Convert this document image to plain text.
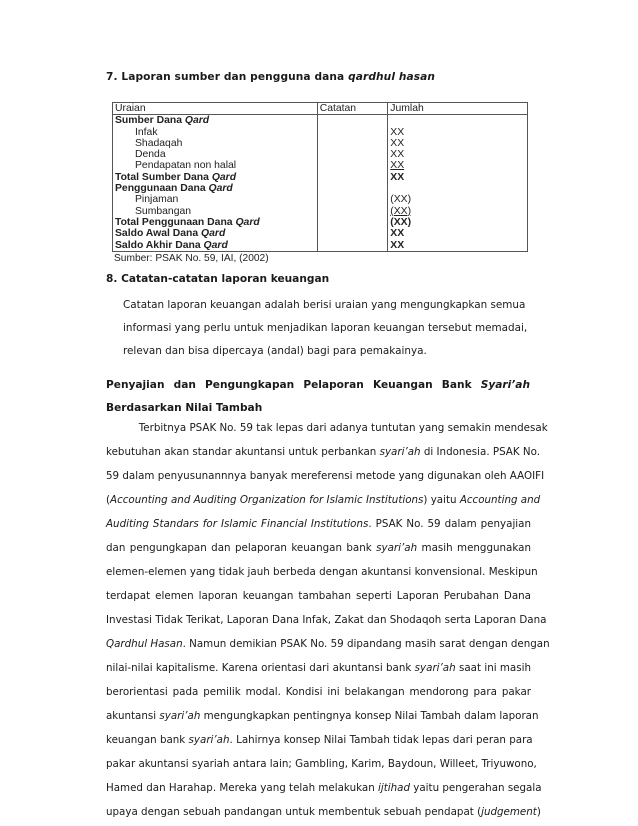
7. Laporan sumber dan pengguna dana qardhul hasan
Uraian	Catatan	Jumlah
Sumber Dana Qard		
Infak		XX
Shadaqah		XX
Denda		XX
Pendapatan non halal		XX
Total Sumber Dana Qard		XX
Penggunaan Dana Qard		
Pinjaman		(XX)
Sumbangan		(XX)
Total Penggunaan Dana Qard		(XX)
Saldo Awal Dana Qard		XX
Saldo Akhir Dana Qard		XX
Sumber: PSAK No. 59, IAI, (2002)
8. Catatan-catatan laporan keuangan
Catatan laporan keuangan adalah berisi uraian yang mengungkapkan semua
informasi yang perlu untuk menjadikan laporan keuangan tersebut memadai,
relevan dan bisa dipercaya (andal) bagi para pemakainya.
Penyajian dan Pengungkapan Pelaporan Keuangan Bank Syari’ah Berdasarkan Nilai Tambah
Terbitnya PSAK No. 59 tak lepas dari adanya tuntutan yang semakin mendesak
kebutuhan akan standar akuntansi untuk perbankan syari’ah di Indonesia. PSAK No.
59 dalam penyusunannnya banyak mereferensi metode yang digunakan oleh AAOIFI
(Accounting and Auditing Organization for Islamic Institutions) yaitu Accounting and
Auditing Standars for Islamic Financial Institutions. PSAK No. 59 dalam penyajian
dan pengungkapan dan pelaporan keuangan bank syari’ah masih menggunakan
elemen-elemen yang tidak jauh berbeda dengan akuntansi konvensional. Meskipun
terdapat elemen laporan keuangan tambahan seperti Laporan Perubahan Dana
Investasi Tidak Terikat, Laporan Dana Infak, Zakat dan Shodaqoh serta Laporan Dana
Qardhul Hasan. Namun demikian PSAK No. 59 dipandang masih sarat dengan dengan
nilai-nilai kapitalisme. Karena orientasi dari akuntansi bank syari’ah saat ini masih
berorientasi pada pemilik modal. Kondisi ini belakangan mendorong para pakar
akuntansi syari’ah mengungkapkan pentingnya konsep Nilai Tambah dalam laporan
keuangan bank syari’ah. Lahirnya konsep Nilai Tambah tidak lepas dari peran para
pakar akuntansi syariah antara lain; Gambling, Karim, Baydoun, Willeet, Triyuwono,
Hamed dan Harahap. Mereka yang telah melakukan ijtihad yaitu pengerahan segala
upaya dengan sebuah pandangan untuk membentuk sebuah pendapat (judgement)
